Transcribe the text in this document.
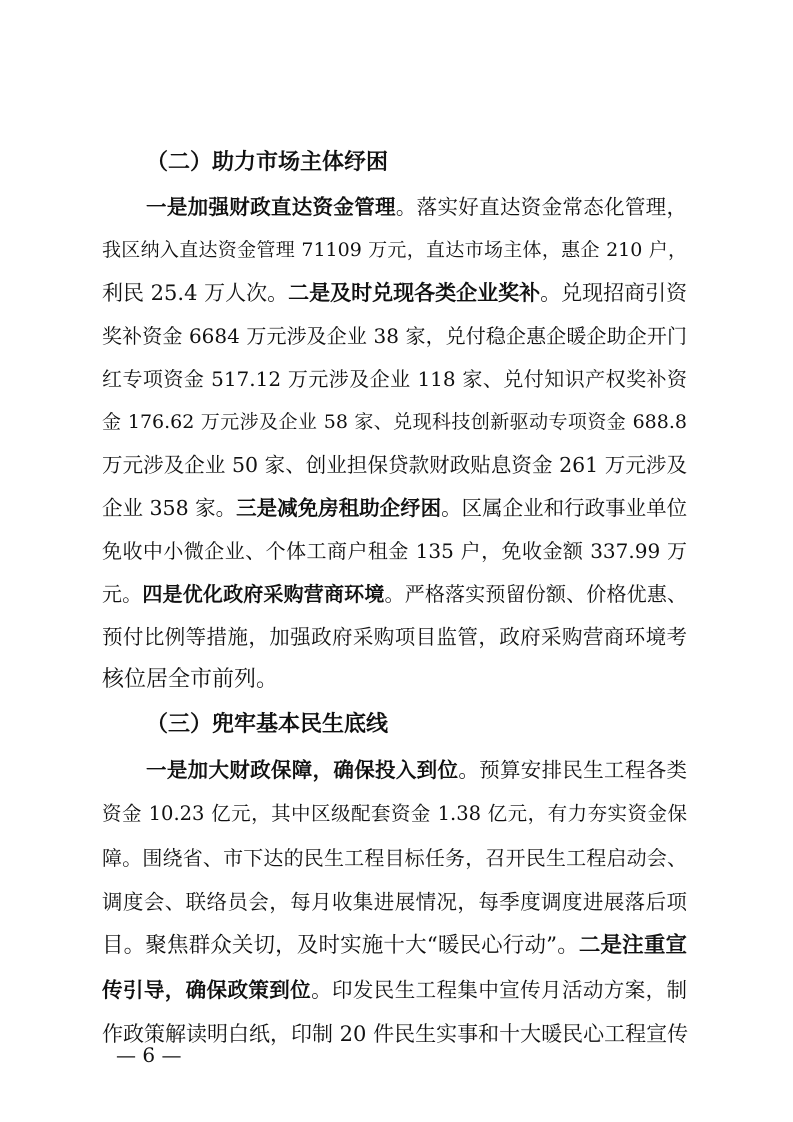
（二）助力市场主体纾困
一是加强财政直达资金管理。落实好直达资金常态化管理，
我区纳入直达资金管理 71109 万元，直达市场主体，惠企 210 户，
利民 25.4 万人次。二是及时兑现各类企业奖补。兑现招商引资
奖补资金 6684 万元涉及企业 38 家，兑付稳企惠企暖企助企开门
红专项资金 517.12 万元涉及企业 118 家、兑付知识产权奖补资
金 176.62 万元涉及企业 58 家、兑现科技创新驱动专项资金 688.8
万元涉及企业 50 家、创业担保贷款财政贴息资金 261 万元涉及
企业 358 家。三是减免房租助企纾困。区属企业和行政事业单位
免收中小微企业、个体工商户租金 135 户，免收金额 337.99 万
元。四是优化政府采购营商环境。严格落实预留份额、价格优惠、
预付比例等措施，加强政府采购项目监管，政府采购营商环境考
核位居全市前列。
（三）兜牢基本民生底线
一是加大财政保障，确保投入到位。预算安排民生工程各类
资金 10.23 亿元，其中区级配套资金 1.38 亿元，有力夯实资金保
障。围绕省、市下达的民生工程目标任务，召开民生工程启动会、
调度会、联络员会，每月收集进展情况，每季度调度进展落后项
目。聚焦群众关切，及时实施十大“暖民心行动”。二是注重宣
传引导，确保政策到位。印发民生工程集中宣传月活动方案，制
作政策解读明白纸，印制 20 件民生实事和十大暖民心工程宣传
— 6 —
